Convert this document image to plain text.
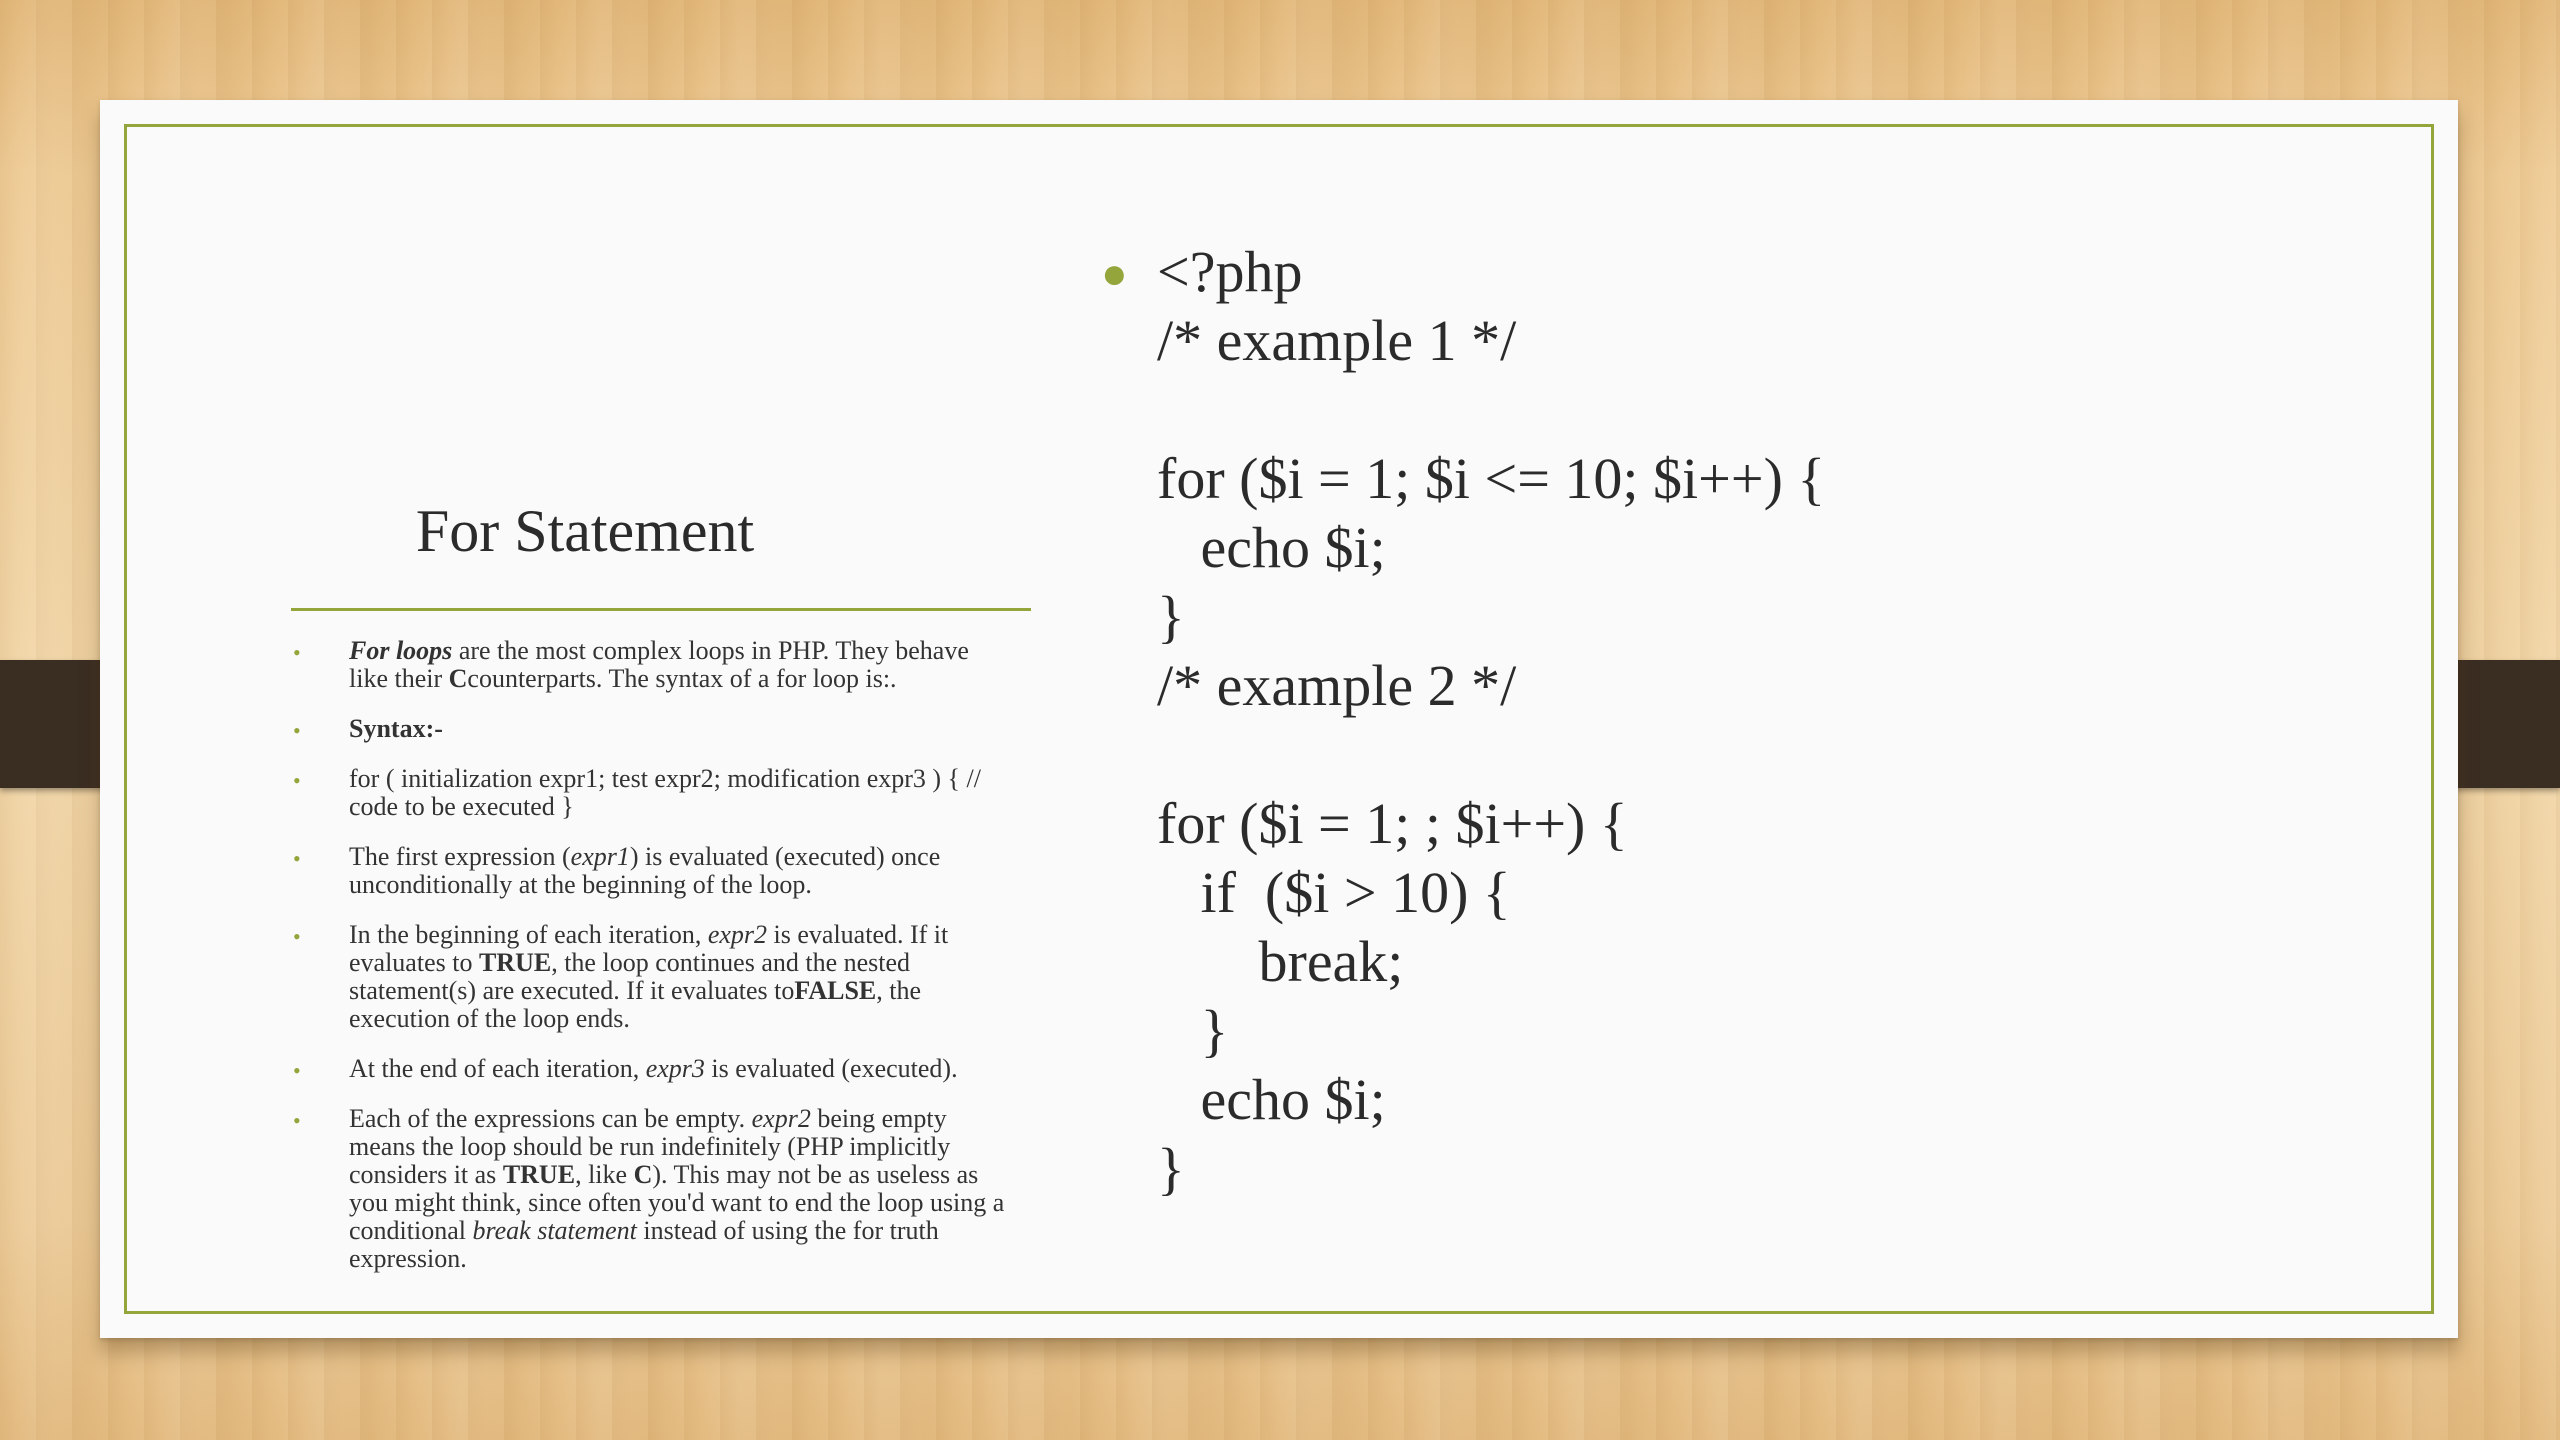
For Statement
• For loops are the most complex loops in PHP. They behave like their Ccounterparts. The syntax of a for loop is:.
• Syntax:-
• for ( initialization expr1; test expr2; modification expr3 ) { // code to be executed }
• The first expression (expr1) is evaluated (executed) once unconditionally at the beginning of the loop.
• In the beginning of each iteration, expr2 is evaluated. If it evaluates to TRUE, the loop continues and the nested statement(s) are executed. If it evaluates toFALSE, the execution of the loop ends.
• At the end of each iteration, expr3 is evaluated (executed).
• Each of the expressions can be empty. expr2 being empty means the loop should be run indefinitely (PHP implicitly considers it as TRUE, like C). This may not be as useless as you might think, since often you'd want to end the loop using a conditional break statement instead of using the for truth expression.
● <?php
/* example 1 */
for ($i = 1; $i <= 10; $i++) {
echo $i;
}
/* example 2 */
for ($i = 1; ; $i++) {
if  ($i > 10) {
break;
}
echo $i;
}
